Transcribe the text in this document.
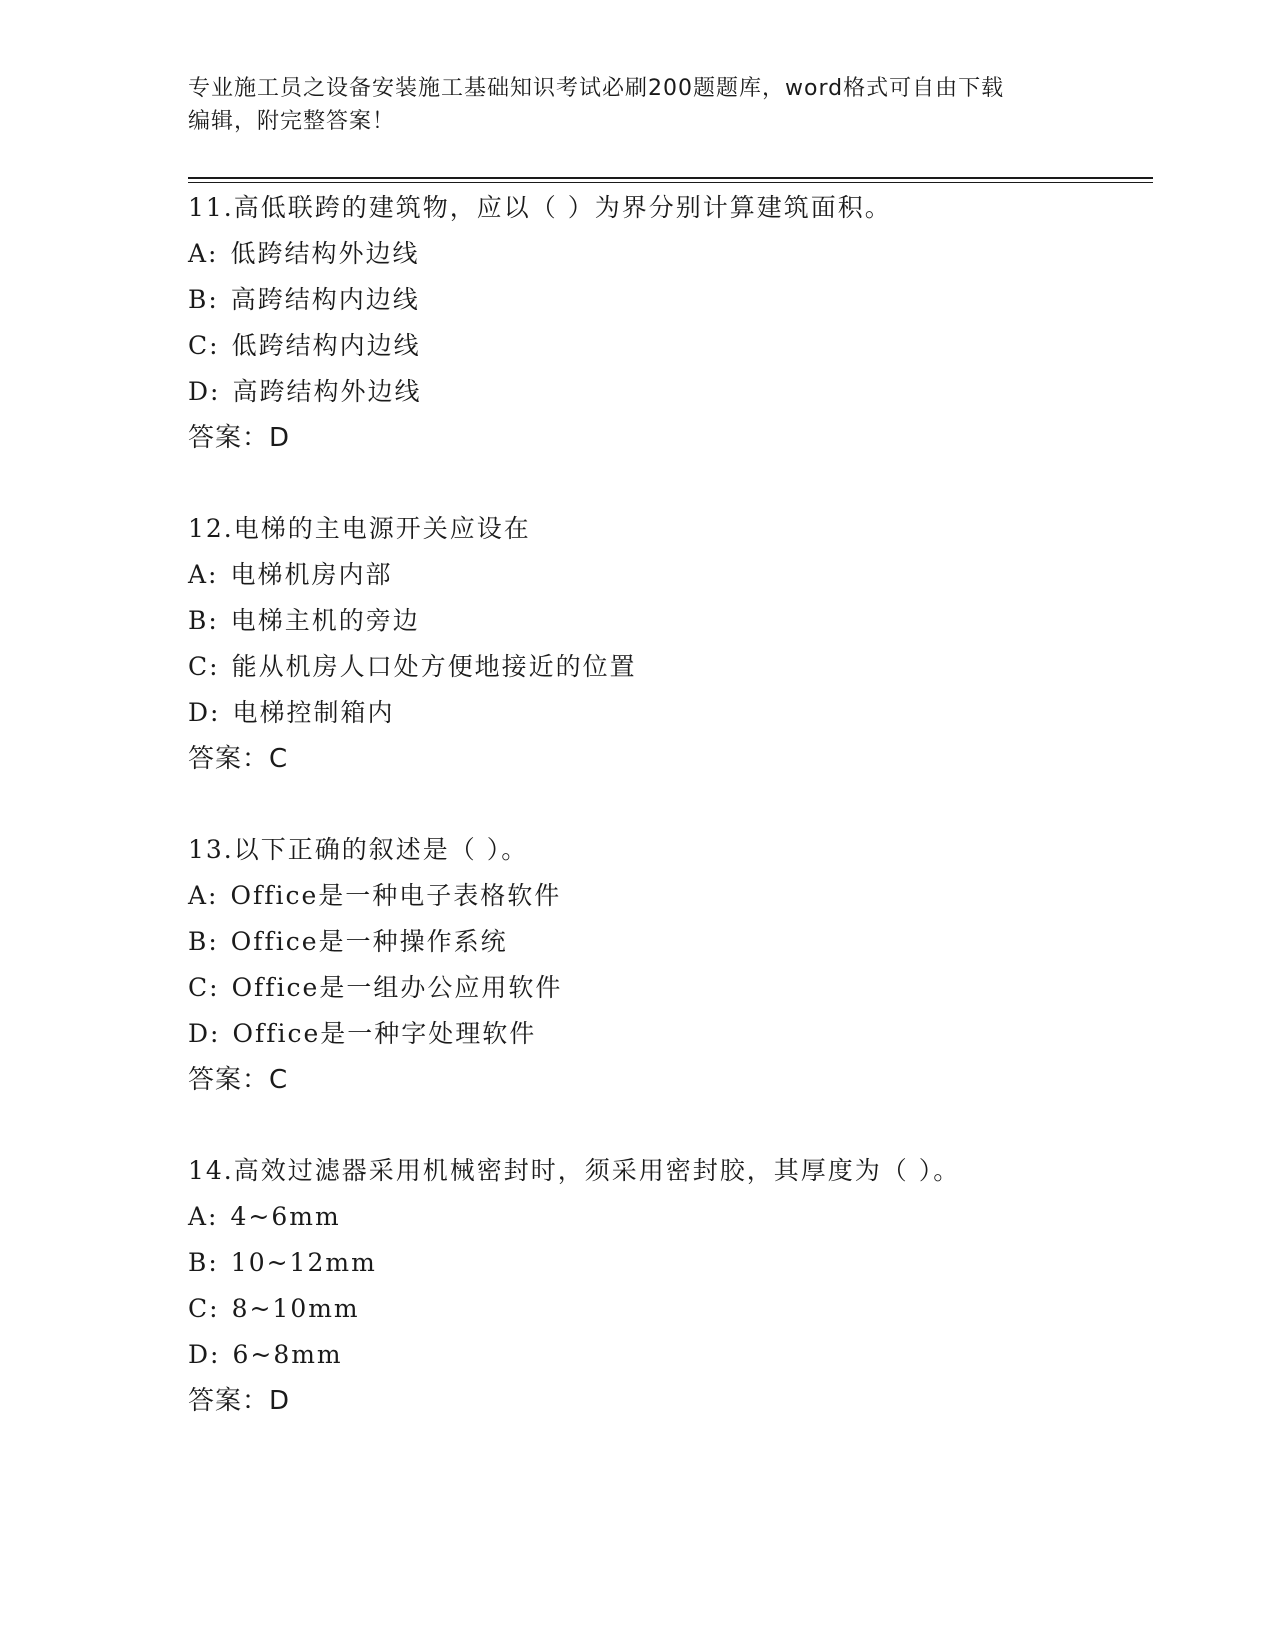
专业施工员之设备安装施工基础知识考试必刷200题题库，word格式可自由下载
编辑，附完整答案！
11.高低联跨的建筑物，应以（ ）为界分别计算建筑面积。
A: 低跨结构外边线
B: 高跨结构内边线
C: 低跨结构内边线
D: 高跨结构外边线
答案：D
12.电梯的主电源开关应设在
A: 电梯机房内部
B: 电梯主机的旁边
C: 能从机房人口处方便地接近的位置
D: 电梯控制箱内
答案：C
13.以下正确的叙述是（ ）。
A: Office是一种电子表格软件
B: Office是一种操作系统
C: Office是一组办公应用软件
D: Office是一种字处理软件
答案：C
14.高效过滤器采用机械密封时，须采用密封胶，其厚度为（ ）。
A: 4~6mm
B: 10~12mm
C: 8~10mm
D: 6~8mm
答案：D
